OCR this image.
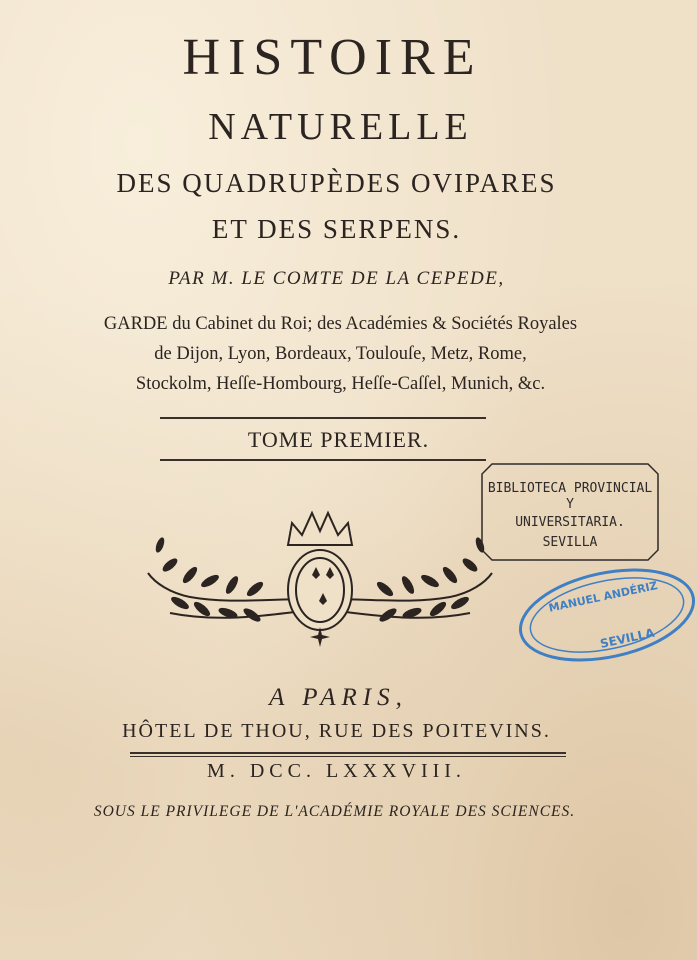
HISTOIRE
NATURELLE
DES QUADRUPÈDES OVIPARES
ET DES SERPENS.
PAR M. LE COMTE DE LA CEPEDE,
GARDE du Cabinet du Roi; des Académies & Sociétés Royales
de Dijon, Lyon, Bordeaux, Toulouſe, Metz, Rome,
Stockolm, Heſſe-Hombourg, Heſſe-Caſſel, Munich, &c.
TOME PREMIER.
BIBLIOTECA PROVINCIAL
Y
UNIVERSITARIA.
SEVILLA
MANUEL ANDÉRIZ
SEVILLA
A PARIS,
HÔTEL DE THOU, RUE DES POITEVINS.
M. DCC. LXXXVIII.
SOUS LE PRIVILEGE DE L'ACADÉMIE ROYALE DES SCIENCES.
